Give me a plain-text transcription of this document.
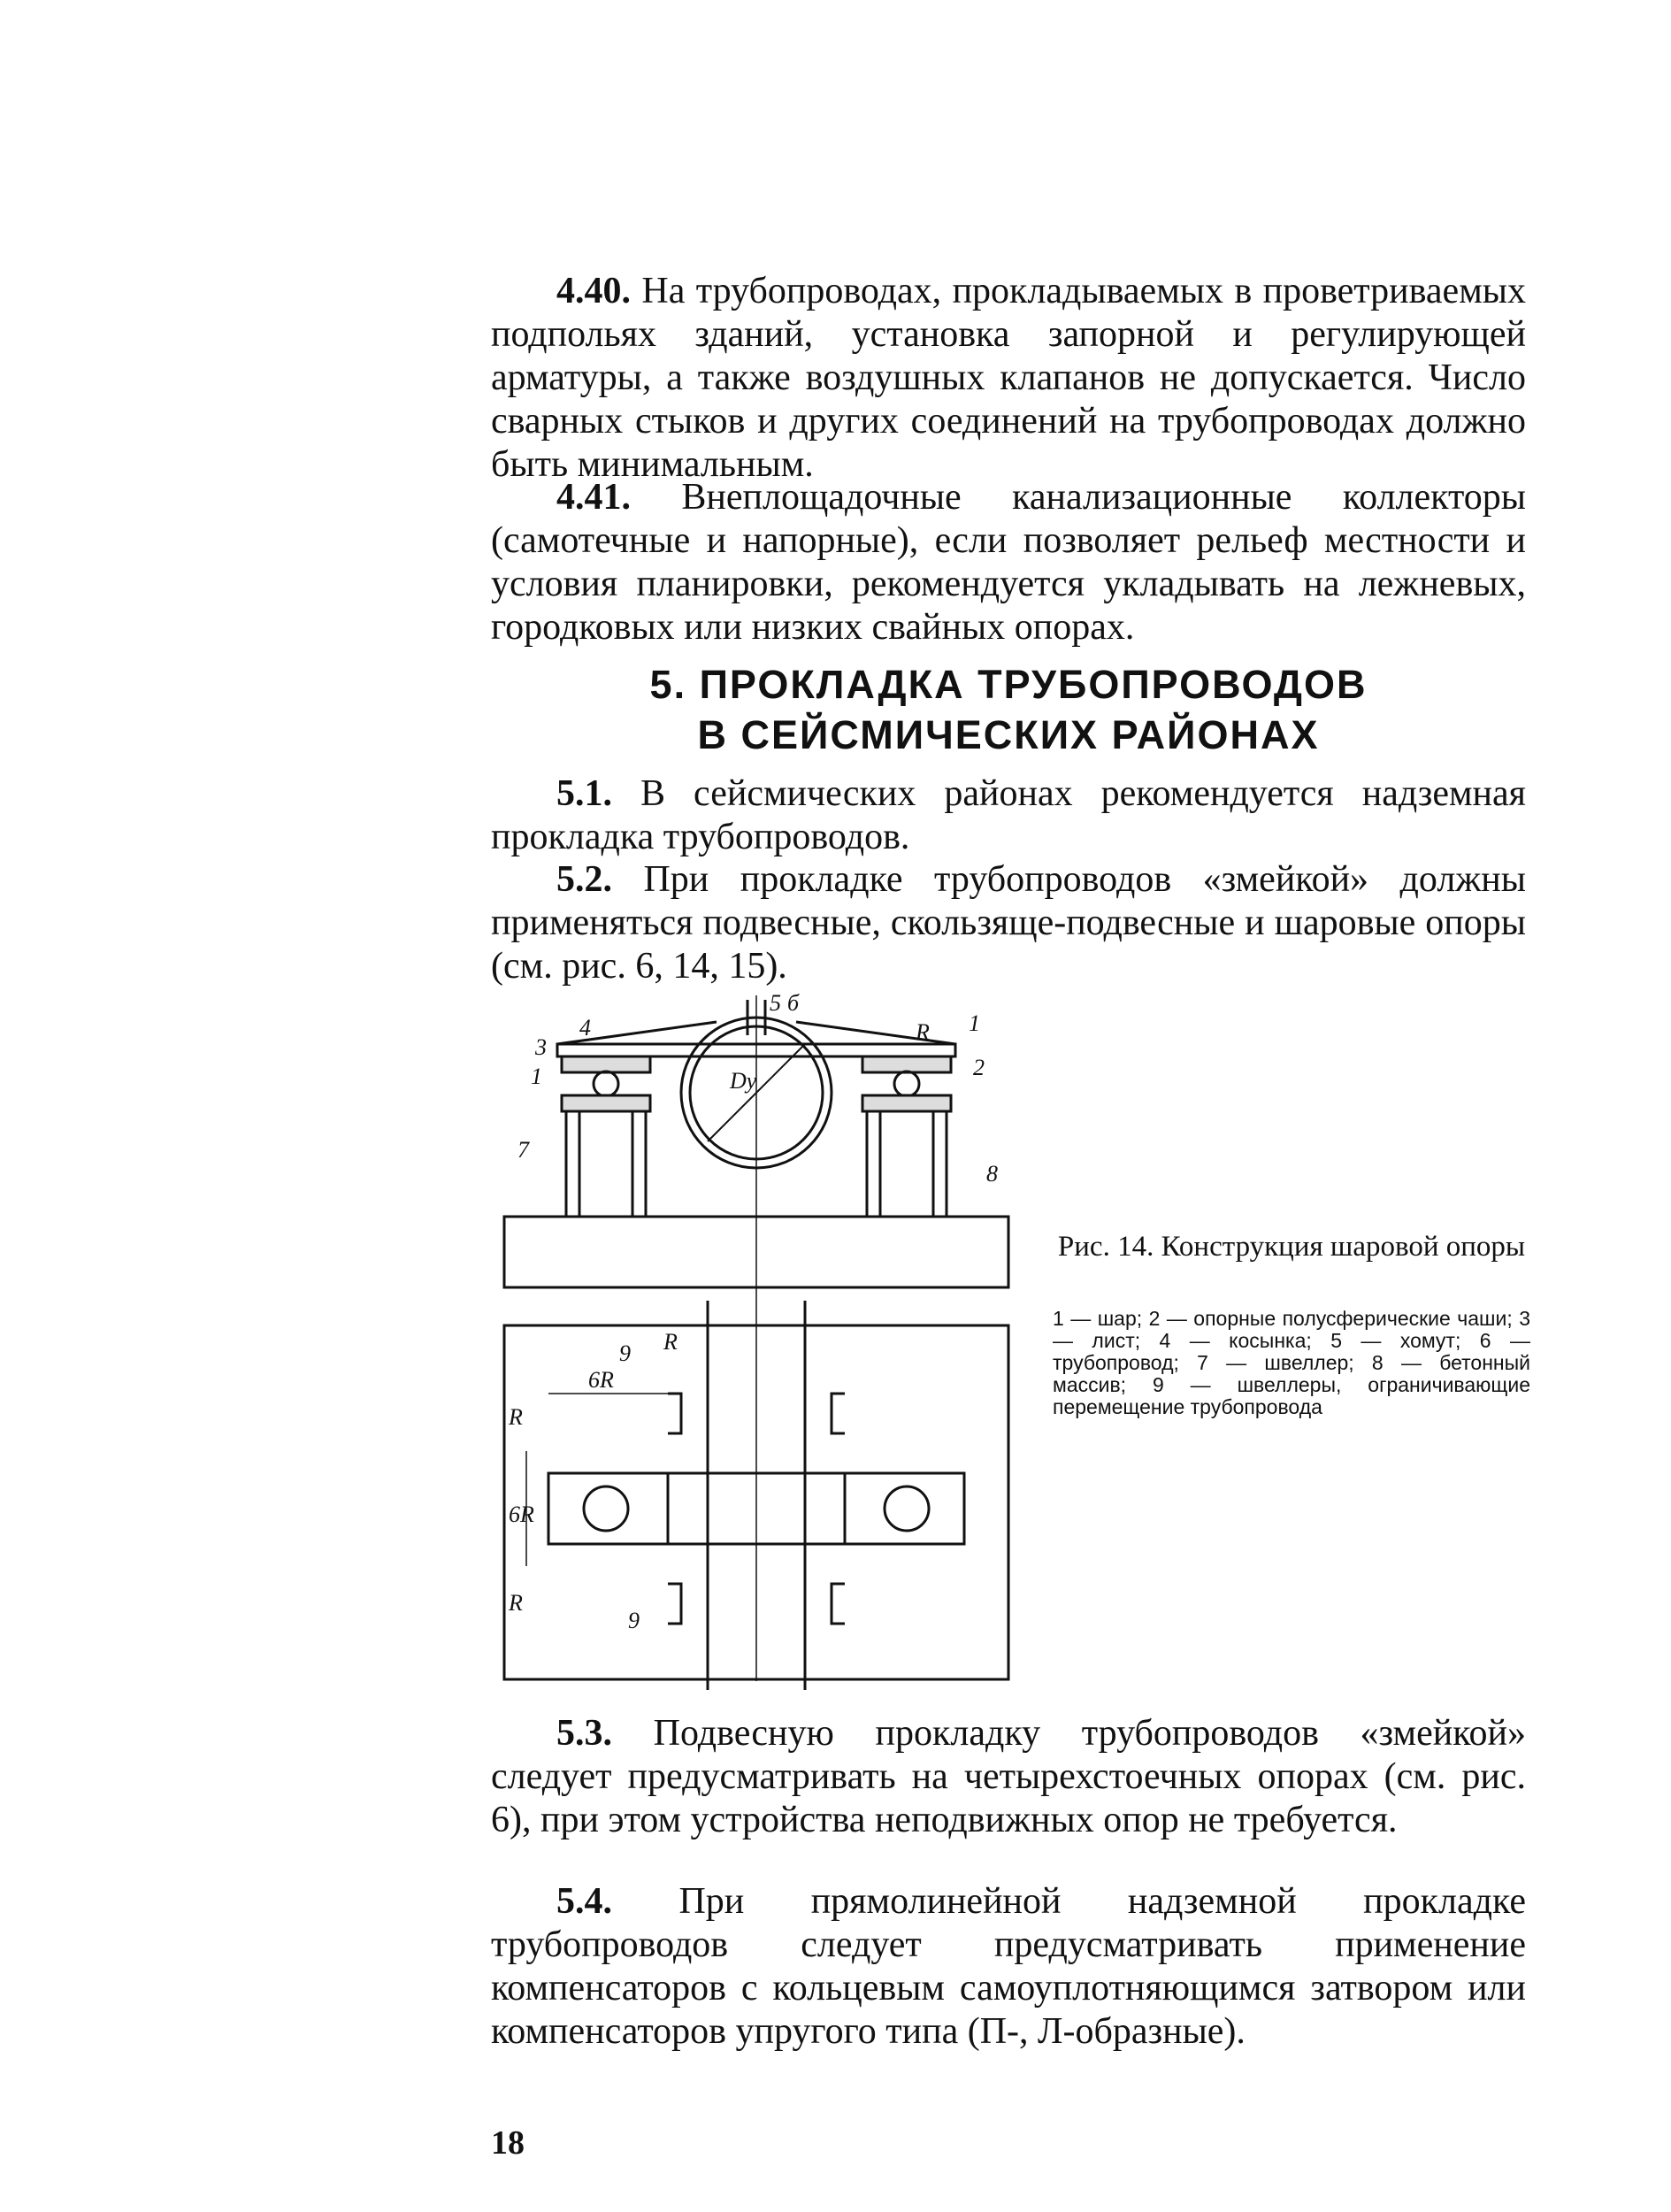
4.40. На трубопроводах, прокладываемых в проветриваемых подпольях зданий, установка запорной и регулирующей арматуры, а также воздушных клапанов не допускается. Число сварных стыков и других соединений на трубопроводах должно быть минимальным.

4.41. Внеплощадочные канализационные коллекторы (самотечные и напорные), если позволяет рельеф местности и условия планировки, рекомендуется укладывать на лежневых, городковых или низких свайных опорах.

5. ПРОКЛАДКА ТРУБОПРОВОДОВ
В СЕЙСМИЧЕСКИХ РАЙОНАХ

5.1. В сейсмических районах рекомендуется надземная прокладка трубопроводов.

5.2. При прокладке трубопроводов «змейкой» должны применяться подвесные, скользяще-подвесные и шаровые опоры (см. рис. 6, 14, 15).

4
3
1
5 б
1
2
R
Dy
7
8
9 R
6R
R
6R
R
9

Рис. 14. Конструкция шаровой опоры

1 — шар; 2 — опорные полусферические чаши; 3 — лист; 4 — косынка; 5 — хомут; 6 — трубопровод; 7 — швеллер; 8 — бетонный массив; 9 — швеллеры, ограничивающие перемещение трубопровода

5.3. Подвесную прокладку трубопроводов «змейкой» следует предусматривать на четырехстоечных опорах (см. рис. 6), при этом устройства неподвижных опор не требуется.

5.4. При прямолинейной надземной прокладке трубопроводов следует предусматривать применение компенсаторов с кольцевым самоуплотняющимся затвором или компенсаторов упругого типа (П-, Л-образные).

18
